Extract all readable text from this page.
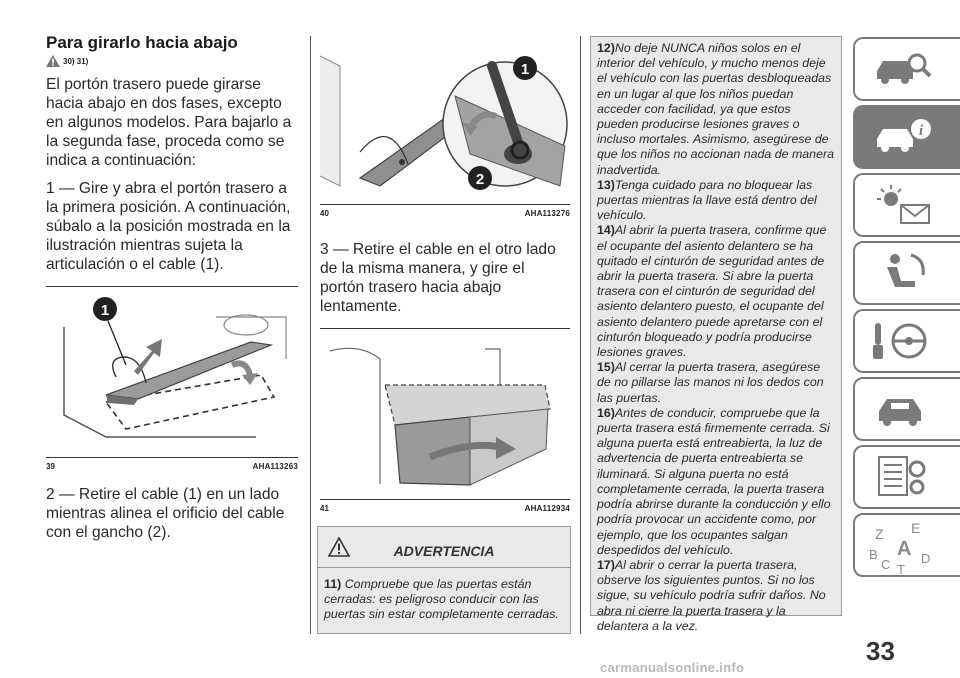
Para girarlo hacia abajo
30) 31)

El portón trasero puede girarse hacia abajo en dos fases, excepto en algunos modelos. Para bajarlo a la segunda fase, proceda como se indica a continuación:

1 — Gire y abra el portón trasero a la primera posición. A continuación, súbalo a la posición mostrada en la ilustración mientras sujeta la articulación o el cable (1).

1
39	AHA113263

2 — Retire el cable (1) en un lado mientras alinea el orificio del cable con el gancho (2).

1
2
40	AHA113276

3 — Retire el cable en el otro lado de la misma manera, y gire el portón trasero hacia abajo lentamente.

41	AHA112934
ADVERTENCIA
11) Compruebe que las puertas están cerradas: es peligroso conducir con las puertas sin estar completamente cerradas.

12)No deje NUNCA niños solos en el interior del vehículo, y mucho menos deje el vehículo con las puertas desbloqueadas en un lugar al que los niños puedan acceder con facilidad, ya que estos pueden producirse lesiones graves o incluso mortales. Asimismo, asegúrese de que los niños no accionan nada de manera inadvertida.

13)Tenga cuidado para no bloquear las puertas mientras la llave está dentro del vehículo.

14)Al abrir la puerta trasera, confirme que el ocupante del asiento delantero se ha quitado el cinturón de seguridad antes de abrir la puerta trasera. Si abre la puerta trasera con el cinturón de seguridad del asiento delantero puesto, el ocupante del asiento delantero puede apretarse con el cinturón bloqueado y podría producirse lesiones graves.

15)Al cerrar la puerta trasera, asegúrese de no pillarse las manos ni los dedos con las puertas.

16)Antes de conducir, compruebe que la puerta trasera está firmemente cerrada. Si alguna puerta está entreabierta, la luz de advertencia de puerta entreabierta se iluminará. Si alguna puerta no está completamente cerrada, la puerta trasera podría abrirse durante la conducción y ello podría provocar un accidente como, por ejemplo, que los ocupantes salgan despedidos del vehículo.

17)Al abrir o cerrar la puerta trasera, observe los siguientes puntos. Si no los sigue, su vehículo podría sufrir daños. No abra ni cierre la puerta trasera y la delantera a la vez.

i
Z E
B A
C D
T
33
carmanualsonline.info
